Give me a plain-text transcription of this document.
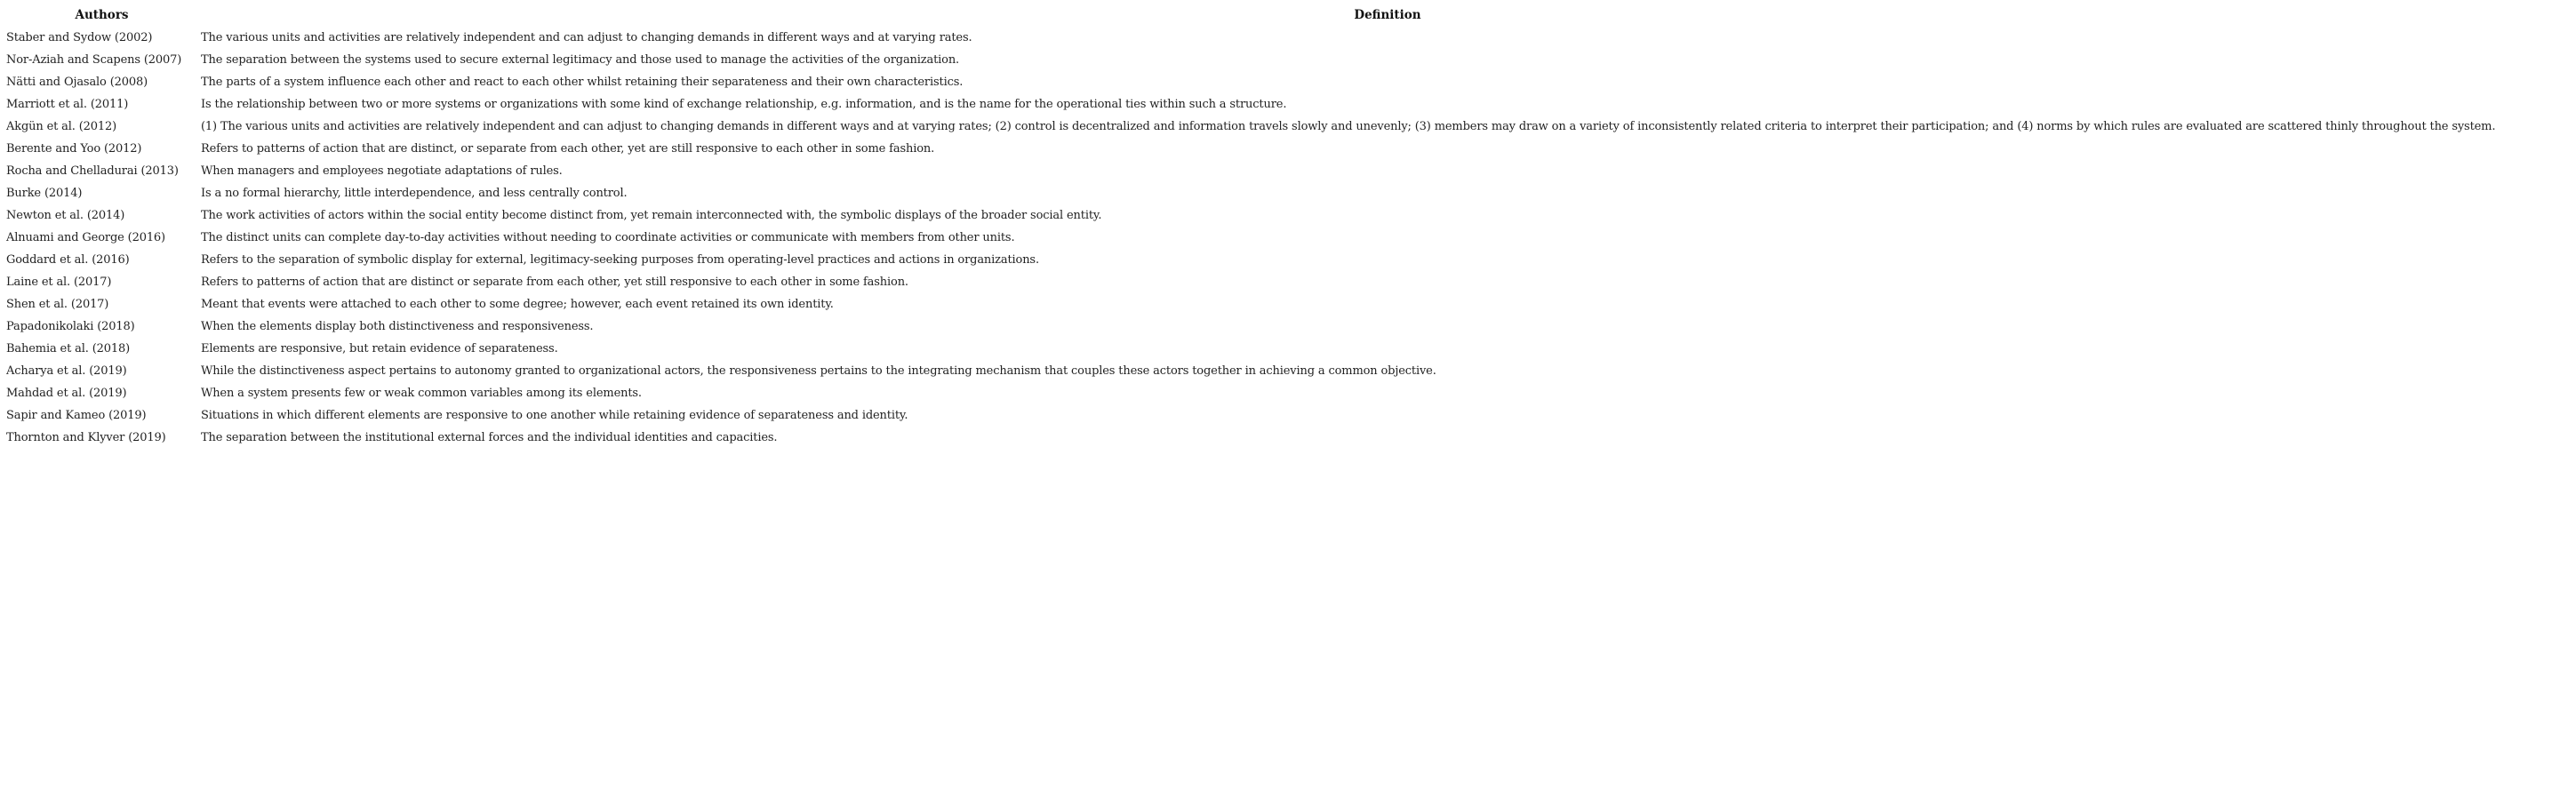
Authors	Definition
Staber and Sydow (2002)	The various units and activities are relatively independent and can adjust to changing demands in different ways and at varying rates.
Nor-Aziah and Scapens (2007)	The separation between the systems used to secure external legitimacy and those used to manage the activities of the organization.
Nätti and Ojasalo (2008)	The parts of a system influence each other and react to each other whilst retaining their separateness and their own characteristics.
Marriott et al. (2011)	Is the relationship between two or more systems or organizations with some kind of exchange relationship, e.g. information, and is the name for the operational ties within such a structure.
Akgün et al. (2012)	(1) The various units and activities are relatively independent and can adjust to changing demands in different ways and at varying rates; (2) control is decentralized and information travels slowly and unevenly; (3) members may draw on a variety of inconsistently related criteria to interpret their participation; and (4) norms by which rules are evaluated are scattered thinly throughout the system.
Berente and Yoo (2012)	Refers to patterns of action that are distinct, or separate from each other, yet are still responsive to each other in some fashion.
Rocha and Chelladurai (2013)	When managers and employees negotiate adaptations of rules.
Burke (2014)	Is a no formal hierarchy, little interdependence, and less centrally control.
Newton et al. (2014)	The work activities of actors within the social entity become distinct from, yet remain interconnected with, the symbolic displays of the broader social entity.
Alnuami and George (2016)	The distinct units can complete day-to-day activities without needing to coordinate activities or communicate with members from other units.
Goddard et al. (2016)	Refers to the separation of symbolic display for external, legitimacy-seeking purposes from operating-level practices and actions in organizations.
Laine et al. (2017)	Refers to patterns of action that are distinct or separate from each other, yet still responsive to each other in some fashion.
Shen et al. (2017)	Meant that events were attached to each other to some degree; however, each event retained its own identity.
Papadonikolaki (2018)	When the elements display both distinctiveness and responsiveness.
Bahemia et al. (2018)	Elements are responsive, but retain evidence of separateness.
Acharya et al. (2019)	While the distinctiveness aspect pertains to autonomy granted to organizational actors, the responsiveness pertains to the integrating mechanism that couples these actors together in achieving a common objective.
Mahdad et al. (2019)	When a system presents few or weak common variables among its elements.
Sapir and Kameo (2019)	Situations in which different elements are responsive to one another while retaining evidence of separateness and identity.
Thornton and Klyver (2019)	The separation between the institutional external forces and the individual identities and capacities.
